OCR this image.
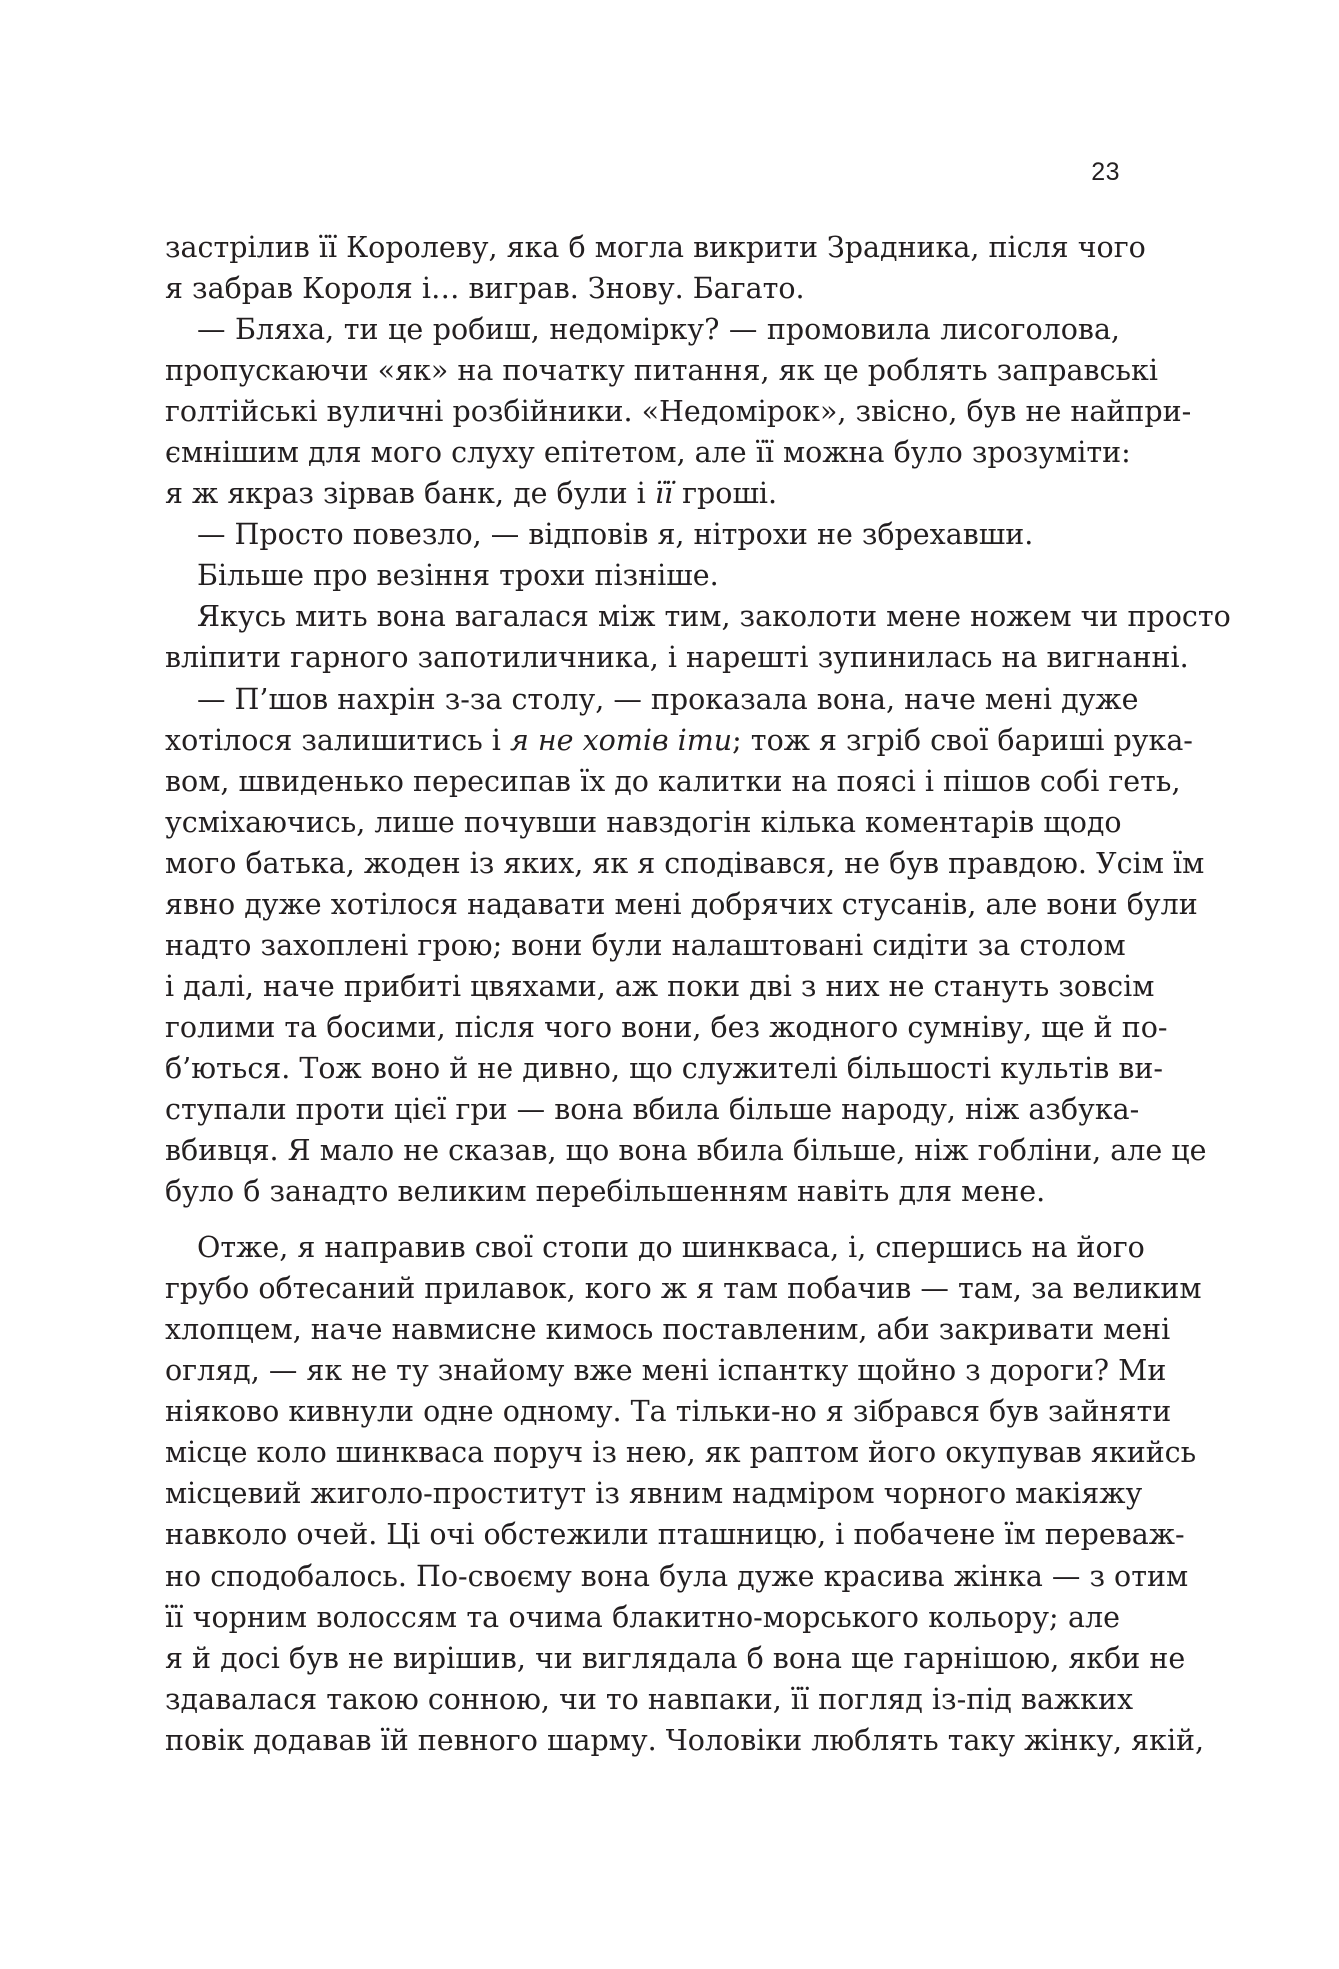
23
застрілив її Королеву, яка б могла викрити Зрадника, після чого
я забрав Короля і… виграв. Знову. Багато.
— Бляха, ти це робиш, недомірку? — промовила лисоголова,
пропускаючи «як» на початку питання, як це роблять заправські
голтійські вуличні розбійники. «Недомірок», звісно, був не найпри-
ємнішим для мого слуху епітетом, але її можна було зрозуміти:
я ж якраз зірвав банк, де були і її гроші.
— Просто повезло, — відповів я, нітрохи не збрехавши.
Більше про везіння трохи пізніше.
Якусь мить вона вагалася між тим, заколоти мене ножем чи просто
вліпити гарного запотиличника, і нарешті зупинилась на вигнанні.
— П’шов нахрін з-за столу, — проказала вона, наче мені дуже
хотілося залишитись і я не хотів іти; тож я згріб свої бариші рука-
вом, швиденько пересипав їх до калитки на поясі і пішов собі геть,
усміхаючись, лише почувши навздогін кілька коментарів щодо
мого батька, жоден із яких, як я сподівався, не був правдою. Усім їм
явно дуже хотілося надавати мені добрячих стусанів, але вони були
надто захоплені грою; вони були налаштовані сидіти за столом
і далі, наче прибиті цвяхами, аж поки дві з них не стануть зовсім
голими та босими, після чого вони, без жодного сумніву, ще й по-
б’ються. Тож воно й не дивно, що служителі більшості культів ви-
ступали проти цієї гри — вона вбила більше народу, ніж азбука-
вбивця. Я мало не сказав, що вона вбила більше, ніж гобліни, але це
було б занадто великим перебільшенням навіть для мене.
Отже, я направив свої стопи до шинкваса, і, спершись на його
грубо обтесаний прилавок, кого ж я там побачив — там, за великим
хлопцем, наче навмисне кимось поставленим, аби закривати мені
огляд, — як не ту знайому вже мені іспантку щойно з дороги? Ми
ніяково кивнули одне одному. Та тільки-но я зібрався був зайняти
місце коло шинкваса поруч із нею, як раптом його окупував якийсь
місцевий жиголо-проститут із явним надміром чорного макіяжу
навколо очей. Ці очі обстежили пташницю, і побачене їм переваж-
но сподобалось. По-своєму вона була дуже красива жінка — з отим
її чорним волоссям та очима блакитно-морського кольору; але
я й досі був не вирішив, чи виглядала б вона ще гарнішою, якби не
здавалася такою сонною, чи то навпаки, її погляд із-під важких
повік додавав їй певного шарму. Чоловіки люблять таку жінку, якій,
